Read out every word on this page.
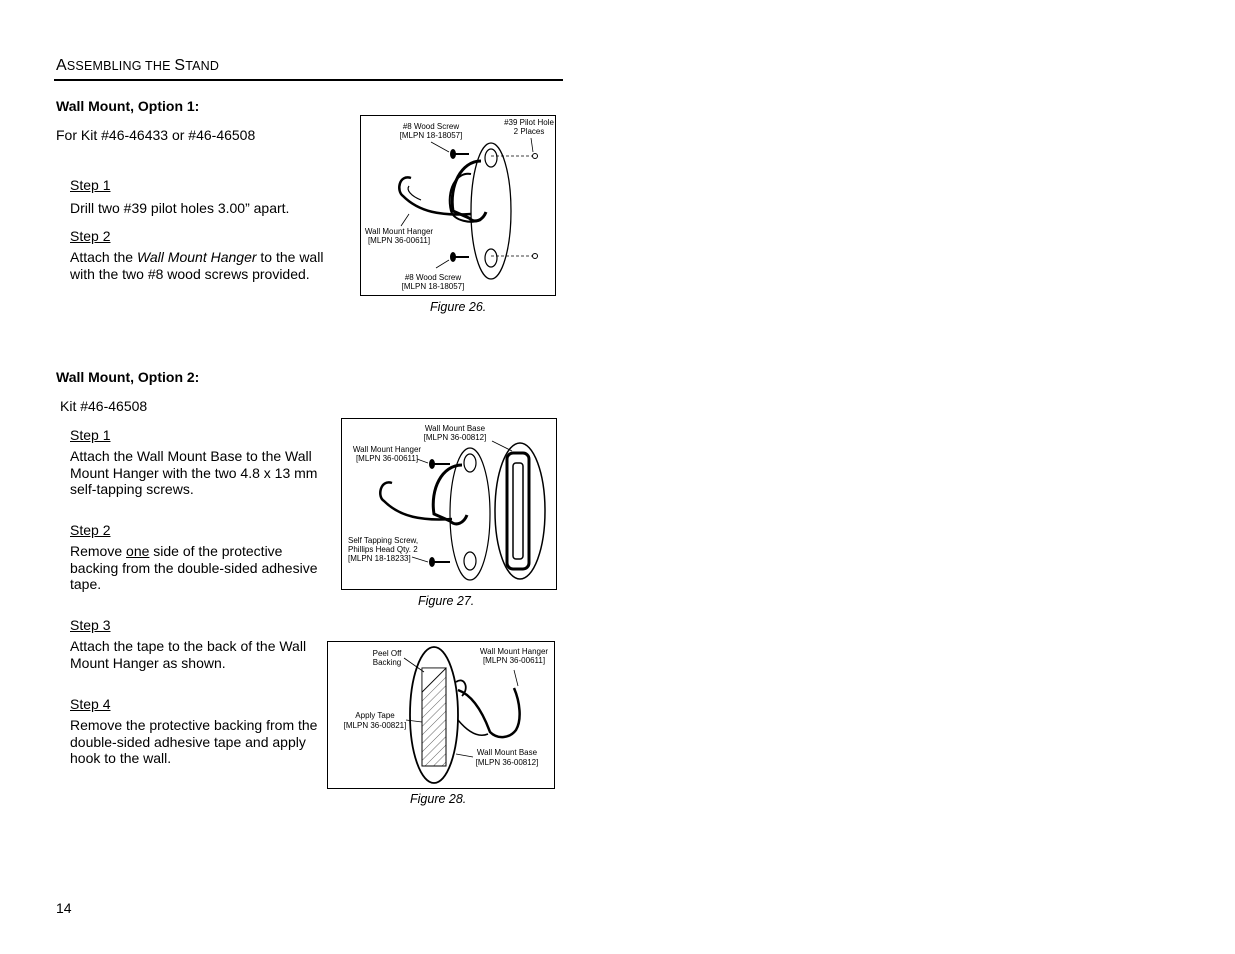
ASSEMBLING THE STAND
Wall Mount, Option 1:
For Kit #46-46433 or #46-46508
Step 1
Drill two #39 pilot holes 3.00” apart.
Step 2
Attach the Wall Mount Hanger to the wall with the two #8 wood screws provided.
#8 Wood Screw
[MLPN 18-18057]
#39 Pilot Hole
2 Places
Wall Mount Hanger
[MLPN 36-00611]
#8 Wood Screw
[MLPN 18-18057]
Figure 26.
Wall Mount, Option 2:
Kit #46-46508
Step 1
Attach the Wall Mount Base to the Wall Mount Hanger with the two 4.8 x 13 mm self-tapping screws.
Step 2
Remove one side of the protective backing from the double-sided adhesive tape.
Step 3
Attach the tape to the back of the Wall Mount Hanger as shown.
Step 4
Remove the protective backing from the double-sided adhesive tape and apply hook to the wall.
Wall Mount Base
[MLPN 36-00812]
Wall Mount Hanger
[MLPN 36-00611]
Self Tapping Screw,
Phillips Head Qty. 2
[MLPN 18-18233]
Figure 27.
Peel Off
Backing
Wall Mount Hanger
[MLPN 36-00611]
Apply Tape
[MLPN 36-00821]
Wall Mount Base
[MLPN 36-00812]
Figure 28.
14
